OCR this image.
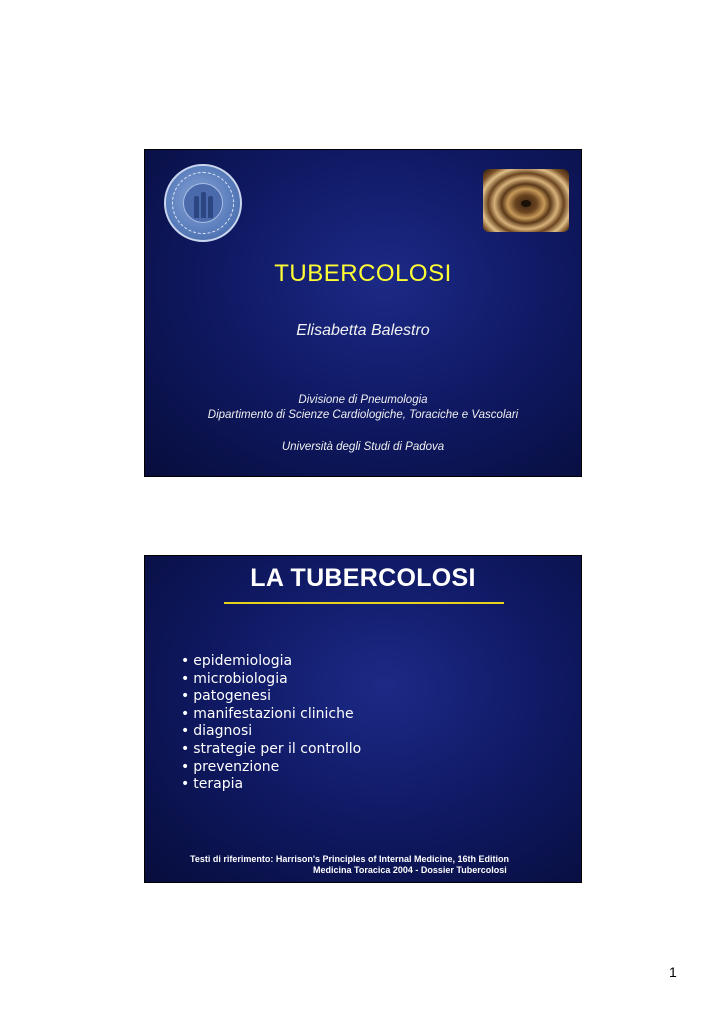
TUBERCOLOSI
Elisabetta Balestro
Divisione di Pneumologia
Dipartimento di Scienze Cardiologiche, Toraciche e Vascolari
Università degli Studi di Padova
LA TUBERCOLOSI
• epidemiologia
• microbiologia
• patogenesi
• manifestazioni cliniche
• diagnosi
• strategie per il controllo
• prevenzione
• terapia
Testi di riferimento: Harrison's Principles of Internal Medicine, 16th Edition
Medicina Toracica 2004 - Dossier Tubercolosi
1
